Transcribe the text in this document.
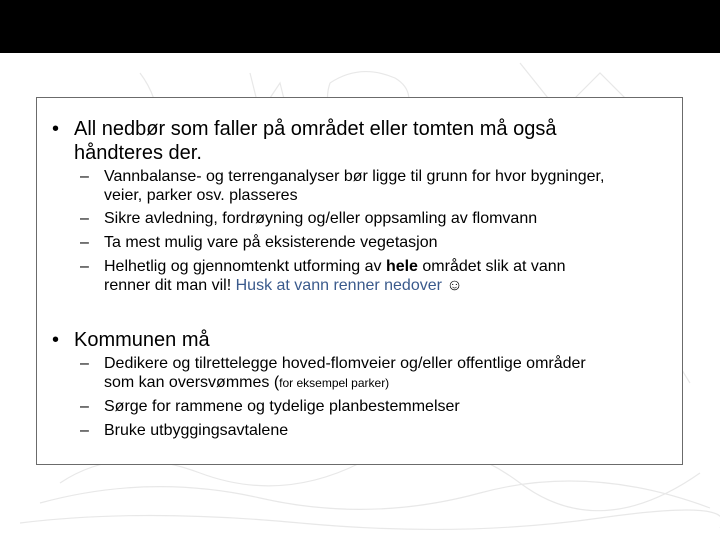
• All nedbør som faller på området eller tomten må også
håndteres der.
– Vannbalanse- og terrenganalyser bør ligge til grunn for hvor bygninger,
veier, parker osv. plasseres
– Sikre avledning, fordrøyning og/eller oppsamling av flomvann
– Ta mest mulig vare på eksisterende vegetasjon
– Helhetlig og gjennomtenkt utforming av hele området slik at vann
renner dit man vil! Husk at vann renner nedover ☺
• Kommunen må
– Dedikere og tilrettelegge hoved-flomveier og/eller offentlige områder
som kan oversvømmes (for eksempel parker)
– Sørge for rammene og tydelige planbestemmelser
– Bruke utbyggingsavtalene
